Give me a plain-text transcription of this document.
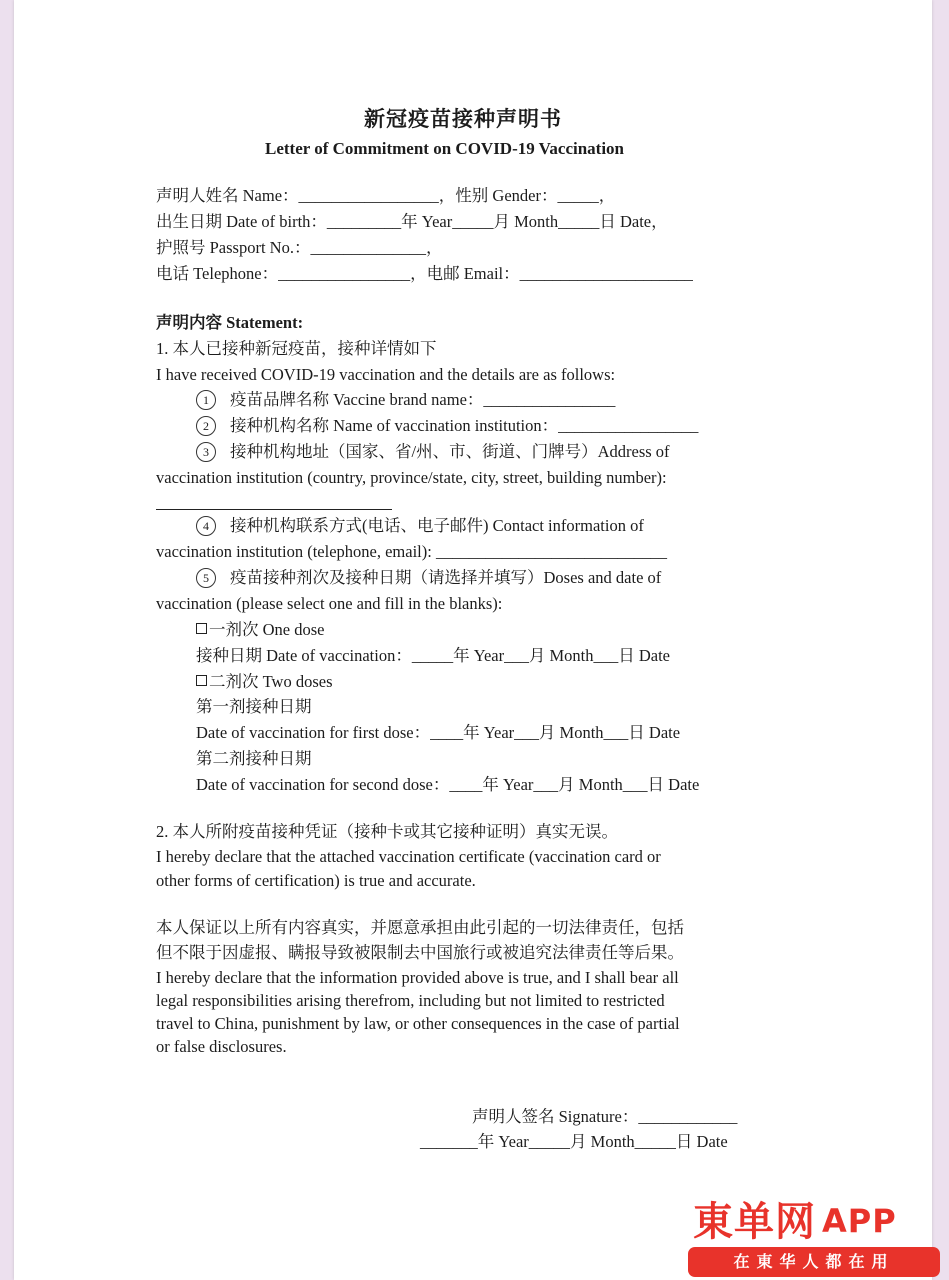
新冠疫苗接种声明书
Letter of Commitment on COVID-19 Vaccination
声明人姓名 Name：_________________，性别 Gender：_____，
出生日期 Date of birth：_________年 Year_____月 Month_____日 Date，
护照号 Passport No.：______________，
电话 Telephone：________________，电邮 Email：_____________________
声明内容 Statement:
1. 本人已接种新冠疫苗，接种详情如下
I have received COVID-19 vaccination and the details are as follows:
1 疫苗品牌名称 Vaccine brand name：________________
2 接种机构名称 Name of vaccination institution：_________________
3 接种机构地址（国家、省/州、市、街道、门牌号）Address of
vaccination institution (country, province/state, city, street, building number):
4 接种机构联系方式(电话、电子邮件) Contact information of
vaccination institution (telephone, email): ____________________________
5 疫苗接种剂次及接种日期（请选择并填写）Doses and date of
vaccination (please select one and fill in the blanks):
一剂次 One dose
接种日期 Date of vaccination：_____年 Year___月 Month___日 Date
二剂次 Two doses
第一剂接种日期
Date of vaccination for first dose：____年 Year___月 Month___日 Date
第二剂接种日期
Date of vaccination for second dose：____年 Year___月 Month___日 Date
2. 本人所附疫苗接种凭证（接种卡或其它接种证明）真实无误。
I hereby declare that the attached vaccination certificate (vaccination card or
other forms of certification) is true and accurate.
本人保证以上所有内容真实，并愿意承担由此引起的一切法律责任，包括
但不限于因虚报、瞒报导致被限制去中国旅行或被追究法律责任等后果。
I hereby declare that the information provided above is true, and I shall bear all
legal responsibilities arising therefrom, including but not limited to restricted
travel to China, punishment by law, or other consequences in the case of partial
or false disclosures.
声明人签名 Signature：____________
_______年 Year_____月 Month_____日 Date
東单网 APP
在東华人都在用
